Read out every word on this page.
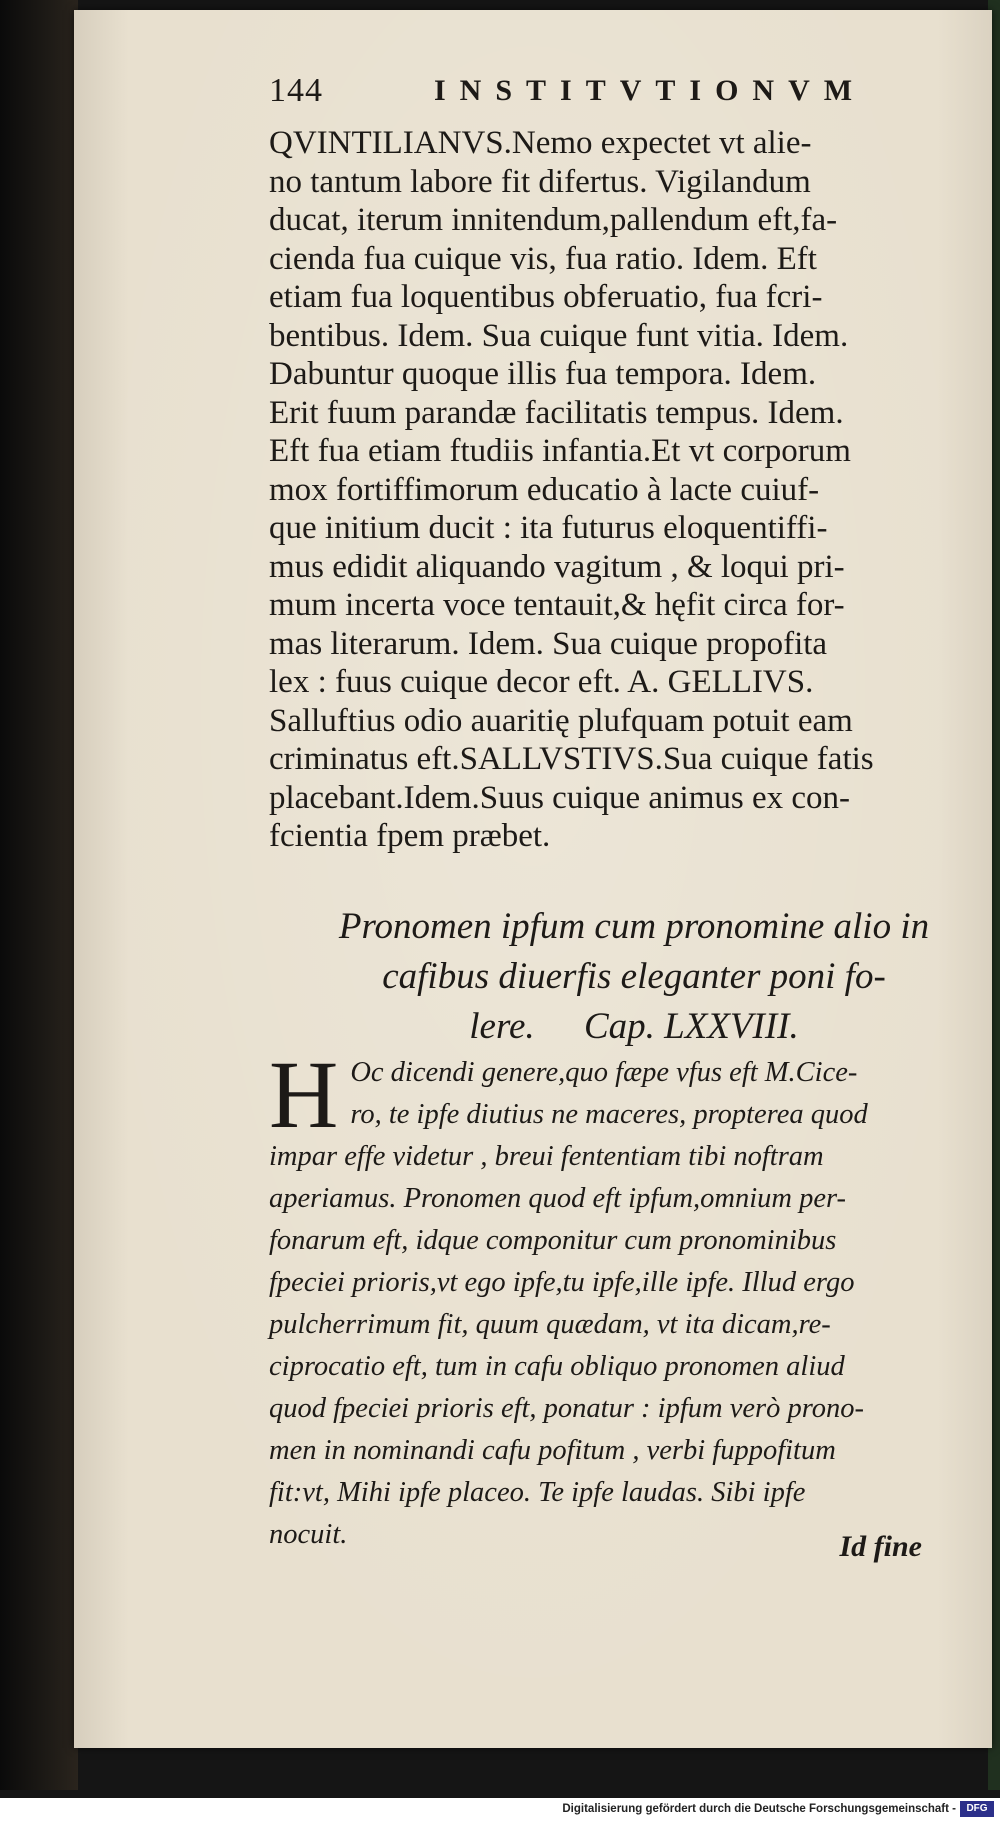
144	INSTITVTIONVM

QVINTILIANVS.Nemo expectet vt alie-

no tantum labore fit difertus. Vigilandum

ducat, iterum innitendum,pallendum eft,fa-

cienda fua cuique vis, fua ratio. Idem. Eft

etiam fua loquentibus obferuatio, fua fcri-

bentibus. Idem. Sua cuique funt vitia. Idem.

Dabuntur quoque illis fua tempora. Idem.

Erit fuum parandæ facilitatis tempus. Idem.

Eft fua etiam ftudiis infantia.Et vt corporum

mox fortiffimorum educatio à lacte cuiuf-

que initium ducit : ita futurus eloquentiffi-

mus edidit aliquando vagitum , & loqui pri-

mum incerta voce tentauit,& hęfit circa for-

mas literarum. Idem. Sua cuique propofita

lex : fuus cuique decor eft. A. GELLIVS.

Salluftius odio auaritię plufquam potuit eam

criminatus eft.SALLVSTIVS.Sua cuique fatis

placebant.Idem.Suus cuique animus ex con-

fcientia fpem præbet.

Pronomen ipfum cum pronomine alio in
cafibus diuerfis eleganter poni fo-
lere. Cap. LXXVIII.
H Oc dicendi genere,quo fæpe vfus eft M.Cice-

ro, te ipfe diutius ne maceres, propterea quod

impar effe videtur , breui fententiam tibi noftram

aperiamus. Pronomen quod eft ipfum,omnium per-

fonarum eft, idque componitur cum pronominibus

fpeciei prioris,vt ego ipfe,tu ipfe,ille ipfe. Illud ergo

pulcherrimum fit, quum quædam, vt ita dicam,re-

ciprocatio eft, tum in cafu obliquo pronomen aliud

quod fpeciei prioris eft, ponatur : ipfum verò prono-

men in nominandi cafu pofitum , verbi fuppofitum

fit:vt, Mihi ipfe placeo. Te ipfe laudas. Sibi ipfe

nocuit.	Id fine
Digitalisierung gefördert durch die Deutsche Forschungsgemeinschaft -	DFG
